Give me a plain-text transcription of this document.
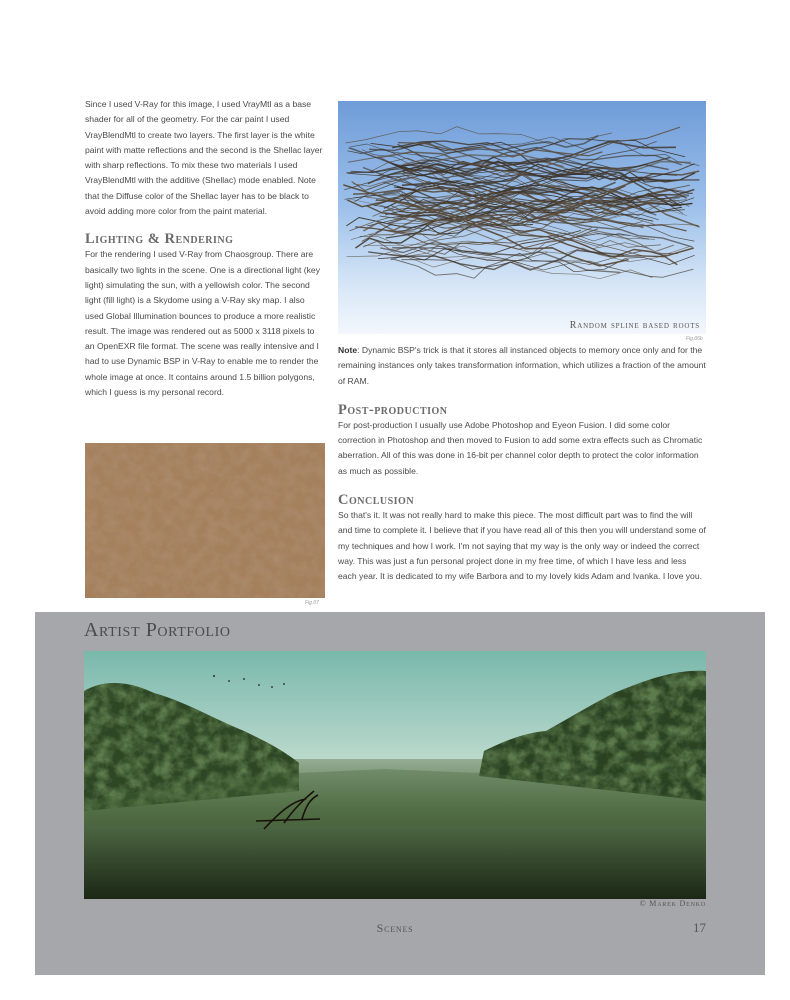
Since I used V-Ray for this image, I used VrayMtl as a base shader for all of the geometry. For the car paint I used VrayBlendMtl to create two layers. The first layer is the white paint with matte reflections and the second is the Shellac layer with sharp reflections. To mix these two materials I used VrayBlendMtl with the additive (Shellac) mode enabled. Note that the Diffuse color of the Shellac layer has to be black to avoid adding more color from the paint material.

Lighting & Rendering

For the rendering I used V-Ray from Chaosgroup. There are basically two lights in the scene. One is a directional light (key light) simulating the sun, with a yellowish color. The second light (fill light) is a Skydome using a V-Ray sky map. I also used Global Illumination bounces to produce a more realistic result. The image was rendered out as 5000 x 3118 pixels to an OpenEXR file format. The scene was really intensive and I had to use Dynamic BSP in V-Ray to enable me to render the whole image at once. It contains around 1.5 billion polygons, which I guess is my personal record.

Fig.07
Random spline based roots
Fig.06b

Note: Dynamic BSP's trick is that it stores all instanced objects to memory once only and for the remaining instances only takes transformation information, which utilizes a fraction of the amount of RAM.

Post-production

For post-production I usually use Adobe Photoshop and Eyeon Fusion. I did some color correction in Photoshop and then moved to Fusion to add some extra effects such as Chromatic aberration. All of this was done in 16-bit per channel color depth to protect the color information as much as possible.

Conclusion

So that's it. It was not really hard to make this piece. The most difficult part was to find the will and time to complete it. I believe that if you have read all of this then you will understand some of my techniques and how I work. I'm not saying that my way is the only way or indeed the correct way. This was just a fun personal project done in my free time, of which I have less and less each year. It is dedicated to my wife Barbora and to my lovely kids Adam and Ivanka. I love you.

Artist Portfolio
© Marek Denko
Scenes	17
